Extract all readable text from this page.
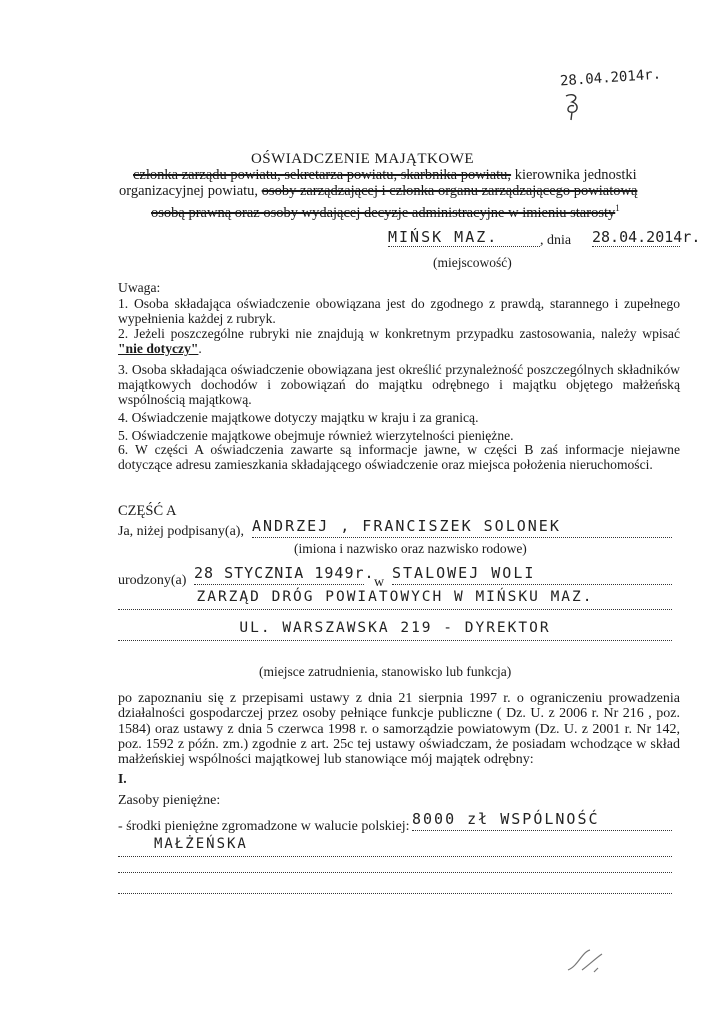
28.04.2014r.
OŚWIADCZENIE MAJĄTKOWE
członka zarządu powiatu, sekretarza powiatu, skarbnika powiatu, kierownika jednostki
organizacyjnej powiatu, osoby zarządzającej i członka organu zarządzającego powiatową
osobą prawną oraz osoby wydającej decyzje administracyjne w imieniu starosty$^1$
MIŃSK MAZ.	, dnia 28.04.2014r.
(miejscowość)
Uwaga:
1. Osoba składająca oświadczenie obowiązana jest do zgodnego z prawdą, starannego i zupełnego wypełnienia każdej z rubryk.
2. Jeżeli poszczególne rubryki nie znajdują w konkretnym przypadku zastosowania, należy wpisać "nie dotyczy".
3. Osoba składająca oświadczenie obowiązana jest określić przynależność poszczególnych składników majątkowych dochodów i zobowiązań do majątku odrębnego i majątku objętego małżeńską wspólnością majątkową.
4. Oświadczenie majątkowe dotyczy majątku w kraju i za granicą.
5. Oświadczenie majątkowe obejmuje również wierzytelności pieniężne.
6. W części A oświadczenia zawarte są informacje jawne, w części B zaś informacje niejawne dotyczące adresu zamieszkania składającego oświadczenie oraz miejsca położenia nieruchomości.
CZĘŚĆ A
Ja, niżej podpisany(a), ANDRZEJ , FRANCISZEK SOLONEK
(imiona i nazwisko oraz nazwisko rodowe)
urodzony(a) 28 STYCZNIA 1949r.
w
STALOWEJ WOLI
ZARZĄD DRÓG POWIATOWYCH W MIŃSKU MAZ.
UL. WARSZAWSKA 219 - DYREKTOR
(miejsce zatrudnienia, stanowisko lub funkcja)
po zapoznaniu się z przepisami ustawy z dnia 21 sierpnia 1997 r. o ograniczeniu prowadzenia działalności gospodarczej przez osoby pełniące funkcje publiczne ( Dz. U. z 2006 r. Nr 216 , poz. 1584) oraz ustawy z dnia 5 czerwca 1998 r. o samorządzie powiatowym (Dz. U. z 2001 r. Nr 142, poz. 1592 z późn. zm.) zgodnie z art. 25c tej ustawy oświadczam, że posiadam wchodzące w skład małżeńskiej wspólności majątkowej lub stanowiące mój majątek odrębny:
I.
Zasoby pieniężne:
- środki pieniężne zgromadzone w walucie polskiej: 8000 zł WSPÓLNOŚĆ
MAŁŻEŃSKA
